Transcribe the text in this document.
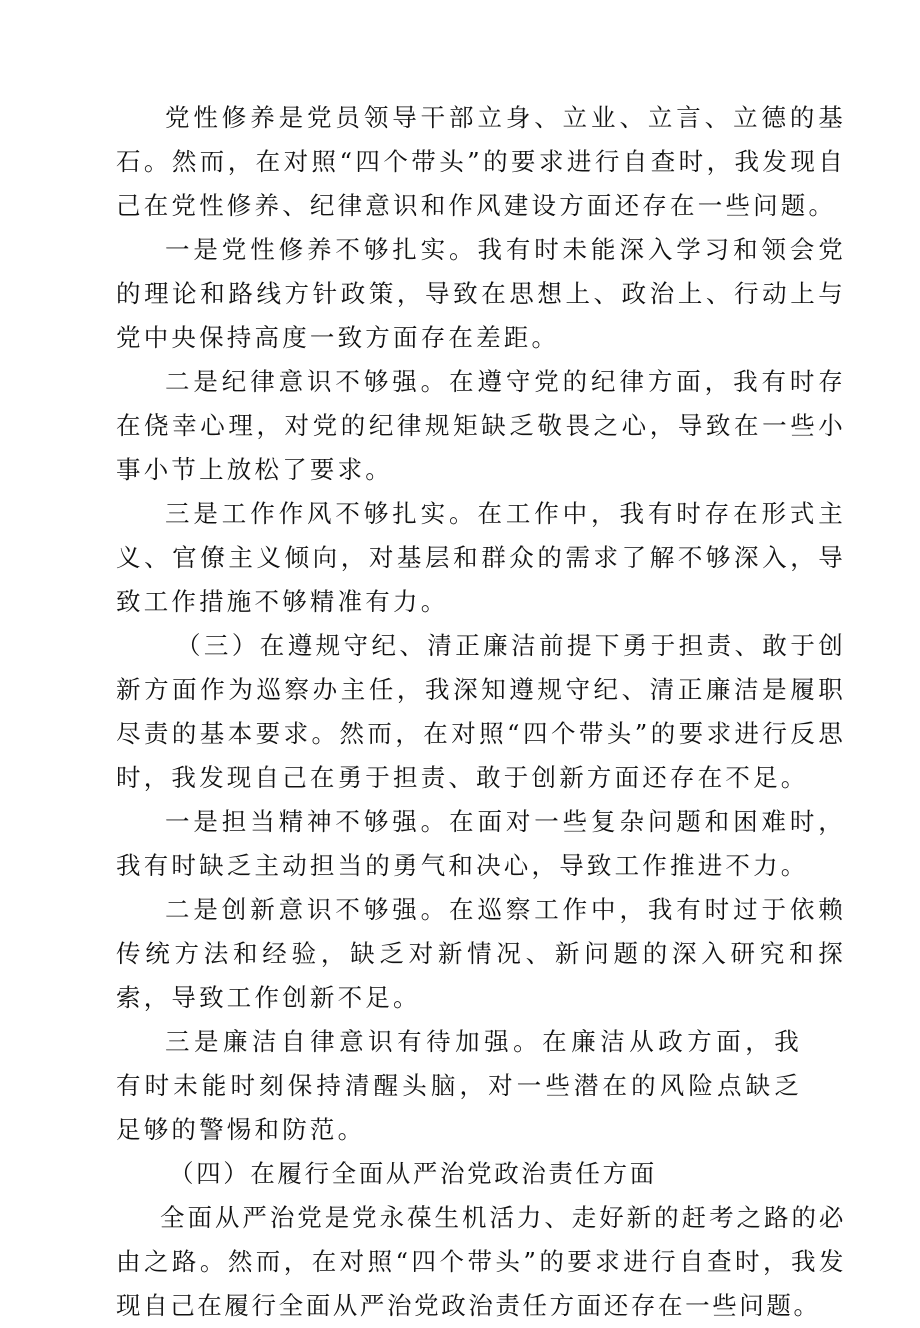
党性修养是党员领导干部立身、立业、立言、立德的基石。然而，在对照“四个带头”的要求进行自查时，我发现自己在党性修养、纪律意识和作风建设方面还存在一些问题。

一是党性修养不够扎实。我有时未能深入学习和领会党的理论和路线方针政策，导致在思想上、政治上、行动上与党中央保持高度一致方面存在差距。

二是纪律意识不够强。在遵守党的纪律方面，我有时存在侥幸心理，对党的纪律规矩缺乏敬畏之心，导致在一些小事小节上放松了要求。

三是工作作风不够扎实。在工作中，我有时存在形式主义、官僚主义倾向，对基层和群众的需求了解不够深入，导致工作措施不够精准有力。

（三）在遵规守纪、清正廉洁前提下勇于担责、敢于创新方面作为巡察办主任，我深知遵规守纪、清正廉洁是履职尽责的基本要求。然而，在对照“四个带头”的要求进行反思时，我发现自己在勇于担责、敢于创新方面还存在不足。

一是担当精神不够强。在面对一些复杂问题和困难时，我有时缺乏主动担当的勇气和决心，导致工作推进不力。

二是创新意识不够强。在巡察工作中，我有时过于依赖传统方法和经验，缺乏对新情况、新问题的深入研究和探索，导致工作创新不足。

三是廉洁自律意识有待加强。在廉洁从政方面，我有时未能时刻保持清醒头脑，对一些潜在的风险点缺乏足够的警惕和防范。

（四）在履行全面从严治党政治责任方面

全面从严治党是党永葆生机活力、走好新的赶考之路的必由之路。然而，在对照“四个带头”的要求进行自查时，我发现自己在履行全面从严治党政治责任方面还存在一些问题。
